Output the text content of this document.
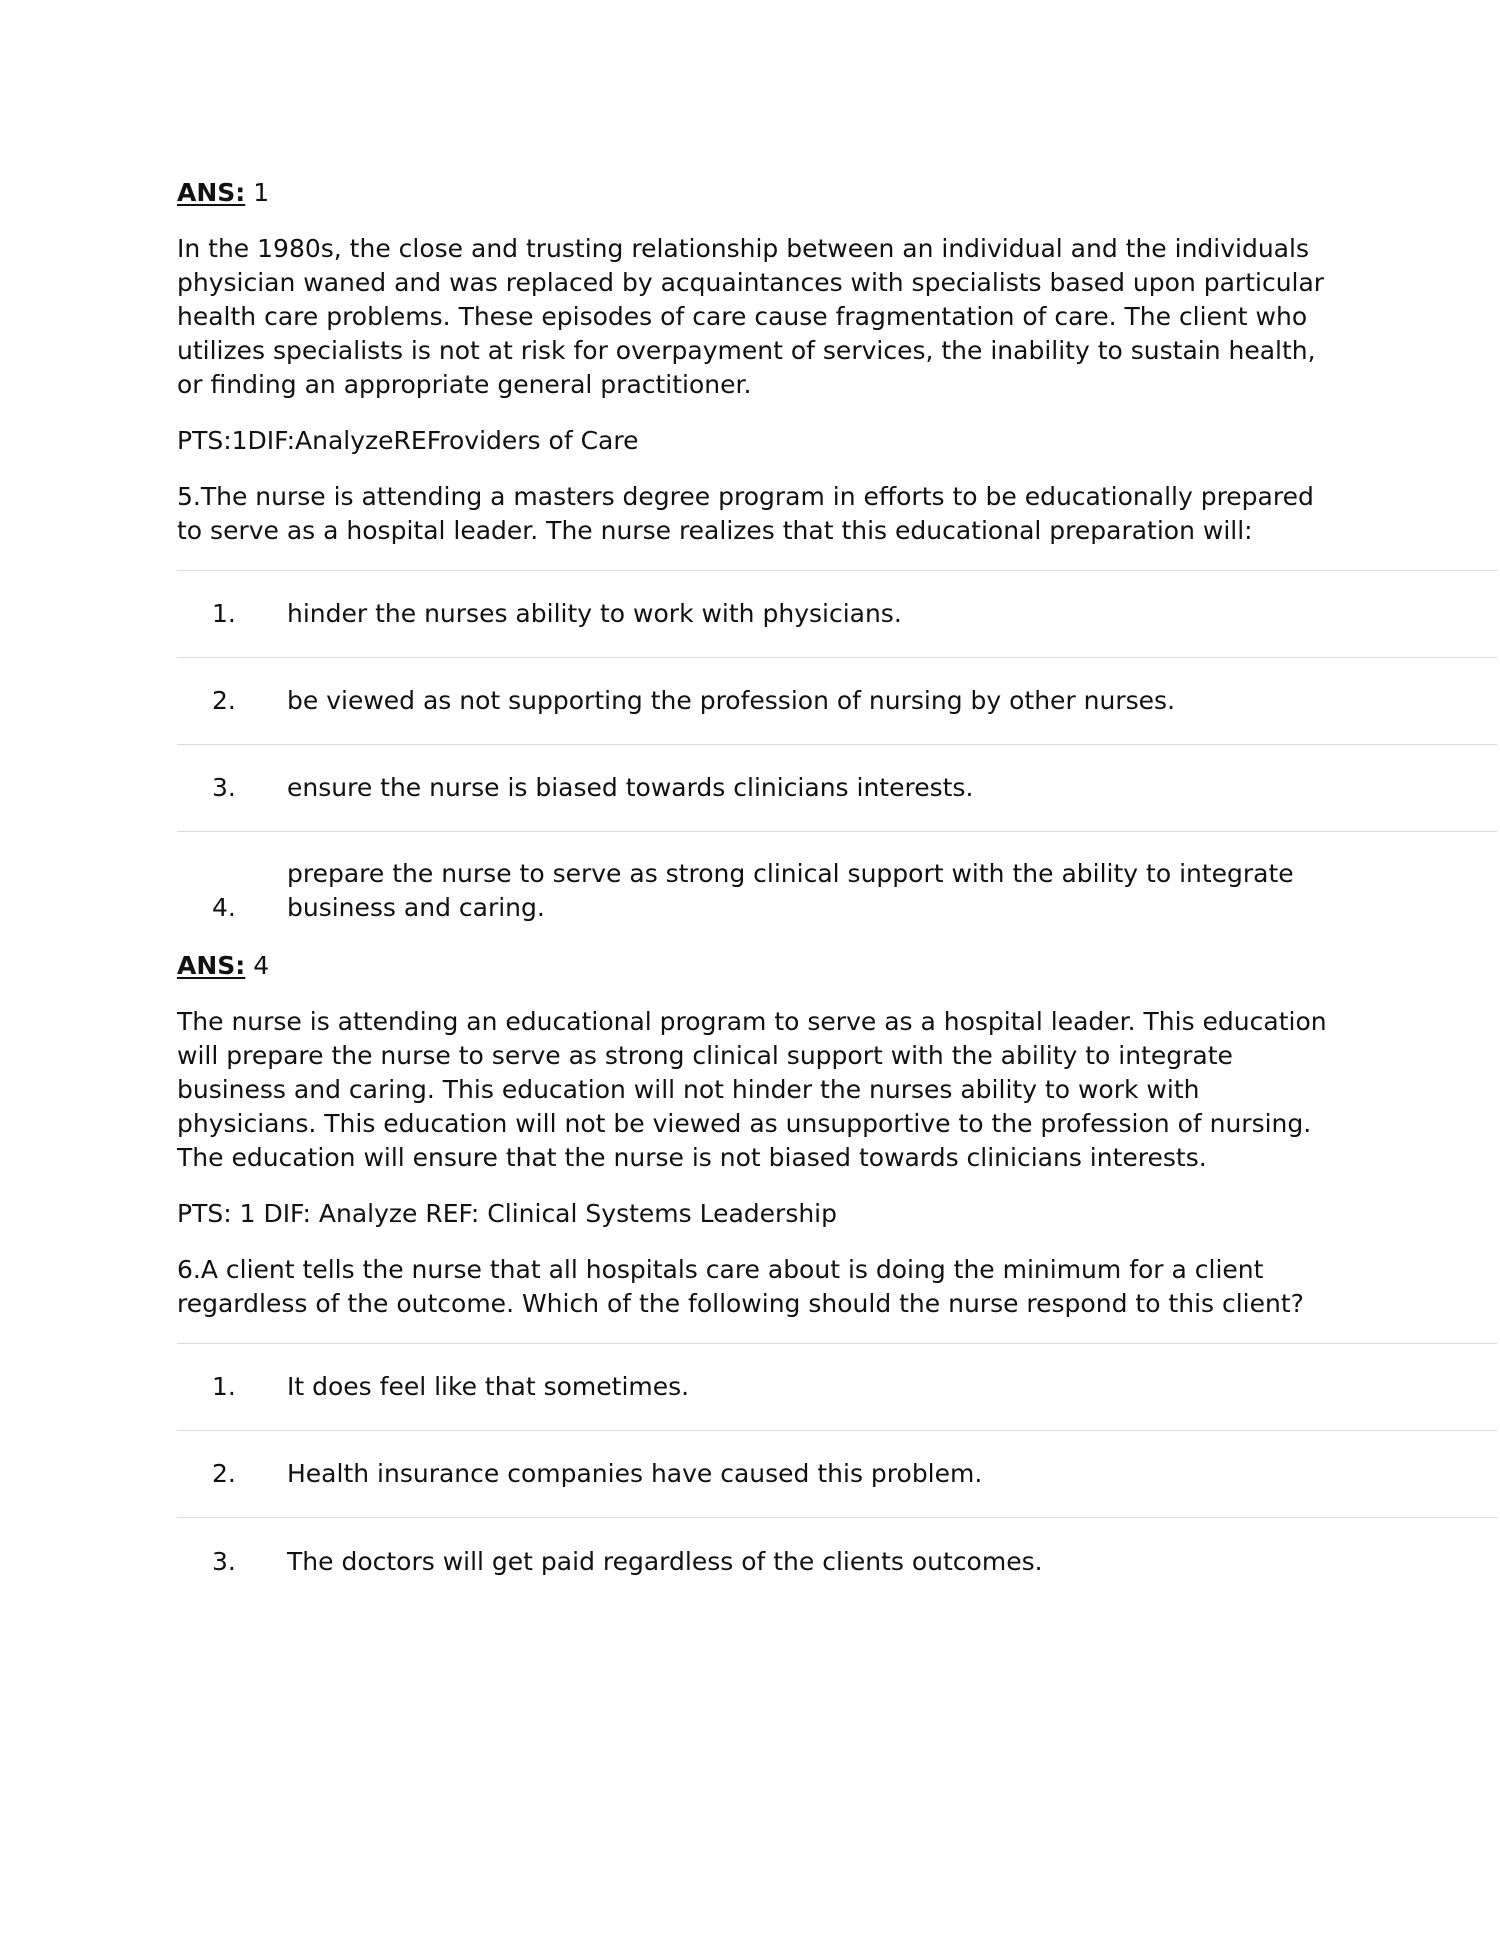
ANS: 1

In the 1980s, the close and trusting relationship between an individual and the individuals physician waned and was replaced by acquaintances with specialists based upon particular health care problems. These episodes of care cause fragmentation of care. The client who utilizes specialists is not at risk for overpayment of services, the inability to sustain health, or finding an appropriate general practitioner.

PTS:1DIF:AnalyzeREFroviders of Care

5.The nurse is attending a masters degree program in efforts to be educationally prepared to serve as a hospital leader. The nurse realizes that this educational preparation will:

1.	hinder the nurses ability to work with physicians.
2.	be viewed as not supporting the profession of nursing by other nurses.
3.	ensure the nurse is biased towards clinicians interests.
4.
prepare the nurse to serve as strong clinical support with the ability to integrate business and caring.

ANS: 4

The nurse is attending an educational program to serve as a hospital leader. This education will prepare the nurse to serve as strong clinical support with the ability to integrate business and caring. This education will not hinder the nurses ability to work with physicians. This education will not be viewed as unsupportive to the profession of nursing. The education will ensure that the nurse is not biased towards clinicians interests.

PTS: 1 DIF: Analyze REF: Clinical Systems Leadership

6.A client tells the nurse that all hospitals care about is doing the minimum for a client regardless of the outcome. Which of the following should the nurse respond to this client?

1.	It does feel like that sometimes.
2.	Health insurance companies have caused this problem.
3.	The doctors will get paid regardless of the clients outcomes.
